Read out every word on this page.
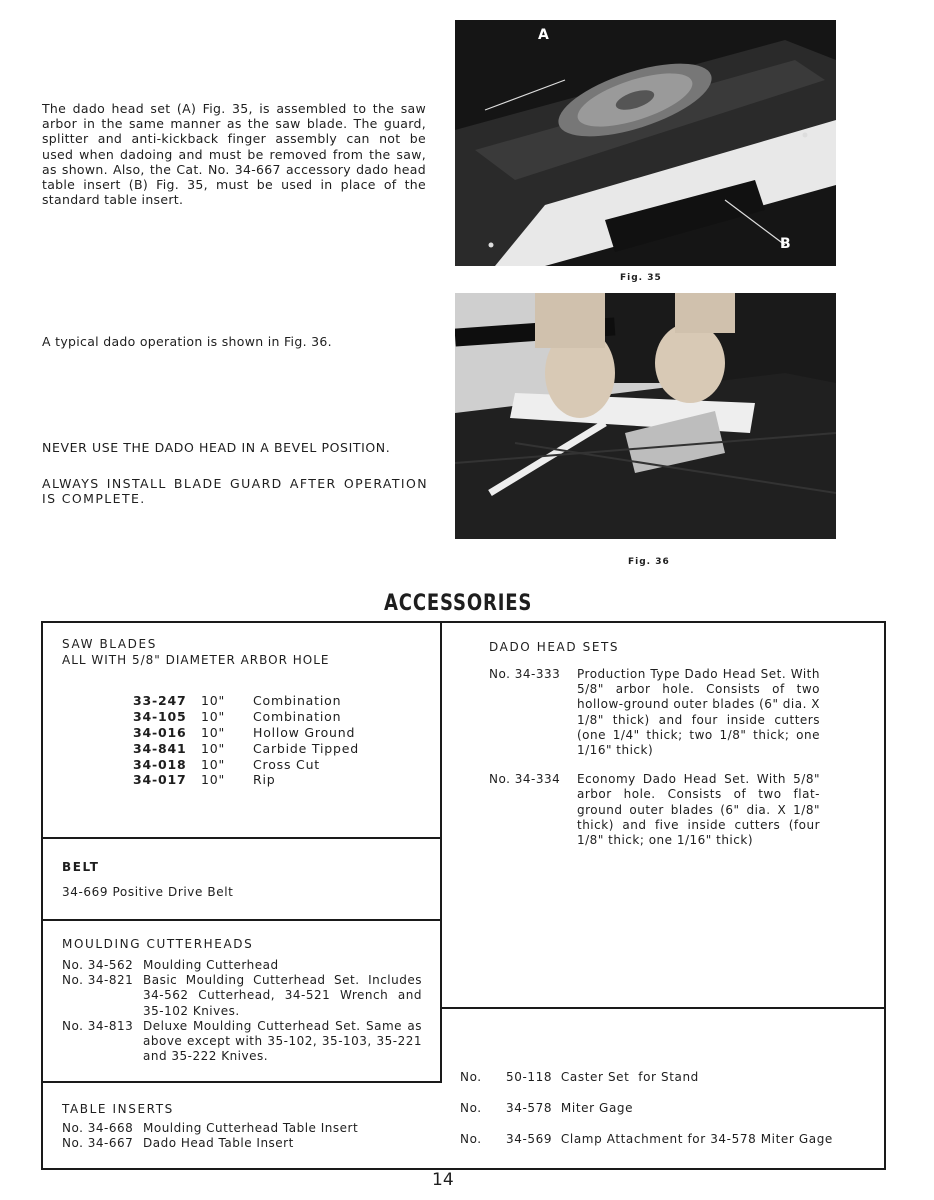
The dado head set (A) Fig. 35, is assembled to the saw arbor in the same manner as the saw blade. The guard, splitter and anti-kickback finger assembly can not be used when dadoing and must be removed from the saw, as shown. Also, the Cat. No. 34-667 accessory dado head table insert (B) Fig. 35, must be used in place of the standard table insert.
A
B
Fig. 35
A typical dado operation is shown in Fig. 36.
NEVER USE THE DADO HEAD IN A BEVEL POSITION.
ALWAYS INSTALL BLADE GUARD AFTER OPERATION IS COMPLETE.
Fig. 36
ACCESSORIES
SAW BLADES
ALL WITH 5/8" DIAMETER ARBOR HOLE
33-247	10"	Combination
34-105	10"	Combination
34-016	10"	Hollow Ground
34-841	10"	Carbide Tipped
34-018	10"	Cross Cut
34-017	10"	Rip
BELT
34-669 Positive Drive Belt
MOULDING CUTTERHEADS
No. 34-562 Moulding Cutterhead
No. 34-821 Basic Moulding Cutterhead Set. Includes 34-562 Cutterhead, 34-521 Wrench and 35-102 Knives.
No. 34-813 Deluxe Moulding Cutterhead Set. Same as above except with 35-102, 35-103, 35-221 and 35-222 Knives.
TABLE INSERTS
No. 34-668 Moulding Cutterhead Table Insert
No. 34-667 Dado Head Table Insert
DADO HEAD SETS
No. 34-333	Production Type Dado Head Set. With 5/8" arbor hole. Consists of two hollow-ground outer blades (6" dia. X 1/8" thick) and four inside cutters (one 1/4" thick; two 1/8" thick; one 1/16" thick)
No. 34-334	Economy Dado Head Set. With 5/8" arbor hole. Consists of two flat-ground outer blades (6" dia. X 1/8" thick) and five inside cutters (four 1/8" thick; one 1/16" thick)
No.	50-118  Caster Set  for Stand
No.	34-578  Miter Gage
No.	34-569  Clamp Attachment for 34-578 Miter Gage
14
